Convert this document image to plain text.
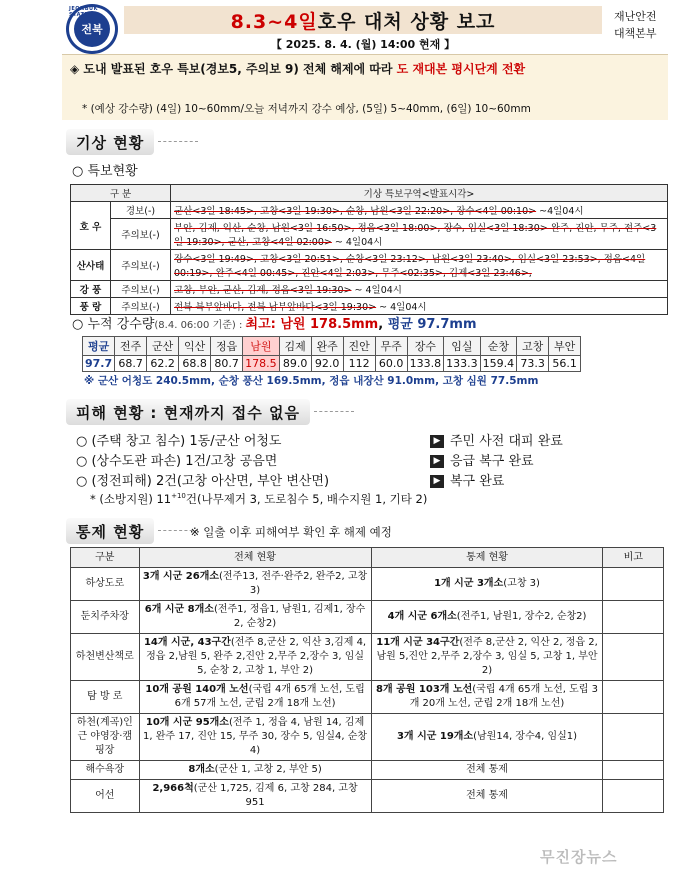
JEONBUK STATE
전북	8.3~4일 호우 대처 상황 보고
【 2025. 8. 4. (월) 14:00 현재 】
재난안전
대책본부
◈ 도내 발표된 호우 특보(경보5, 주의보 9) 전체 해제에 따라 도 재대본 평시단계 전환
* (예상 강수량) (4일) 10~60mm/오늘 저녁까지 강수 예상, (5일) 5~40mm, (6일) 10~60mm
기상 현황
○ 특보현황
구 분		기상 특보구역<발표시각>
호 우	경보(-)	군산<3일 18:45>, 고창<3일 19:30>, 순창, 남원<3일 22:20>, 장수<4일 00:10> ~4일04시
	주의보(-)	부안, 김제, 익산, 순창, 남원<3일 16:50>, 정읍<3일 18:00>, 장수, 임실<3일 18:30> 완주, 진안, 무주, 전주<3일 19:30>, 군산, 고창<4일 02:00> ~ 4일04시
산사태	주의보(-)	장수<3일 19:49>, 고창<3일 20:51>, 순창<3일 23:12>, 남원<3일 23:40>, 임실<3일 23:53>, 정읍<4일 00:19>, 완주<4일 00:45>, 진안<4일 2:03>, 무주<02:35>, 김제<3일 23:46>,
강 풍	주의보(-)	고창, 부안, 군산, 김제, 정읍<3일 19:30> ~ 4일04시
풍 랑	주의보(-)	전북 북부앞바다, 전북 남부앞바다<3일 19:30> ~ 4일04시
○ 누적 강수량(8.4. 06:00 기준) : 최고: 남원 178.5mm, 평균 97.7mm
평균	전주	군산	익산	정읍	남원	김제	완주	진안	무주	장수	임실	순창	고창	부안
97.7	68.7	62.2	68.8	80.7	178.5	89.0	92.0	112	60.0	133.8	133.3	159.4	73.3	56.1
※ 군산 어청도 240.5mm, 순창 풍산 169.5mm, 정읍 내장산 91.0mm, 고창 심원 77.5mm
피해 현황 : 현재까지 접수 없음
○ (주택 창고 침수) 1동/군산 어청도	▶ 주민 사전 대피 완료
○ (상수도관 파손) 1건/고창 공음면	▶ 응급 복구 완료
○ (정전피해) 2건(고창 아산면, 부안 변산면)	▶ 복구 완료
* (소방지원) $11^{+10}$건(나무제거 3, 도로침수 5, 배수지원 1, 기타 2)
통제 현황	※ 일출 이후 피해여부 확인 후 해제 예정
구분	전체 현황	통제 현황	비고
하상도로	3개 시군 26개소(전주13, 전주·완주2, 완주2, 고창3)	1개 시군 3개소(고창 3)	
둔치주차장	6개 시군 8개소(전주1, 정읍1, 남원1, 김제1, 장수2, 순창2)	4개 시군 6개소(전주1, 남원1, 장수2, 순창2)	
하천변산책로	14개 시군, 43구간(전주 8,군산 2, 익산 3,김제 4, 정읍 2,남원 5, 완주 2,진안 2,무주 2,장수 3, 임실 5, 순창 2, 고창 1, 부안 2)	11개 시군 34구간(전주 8,군산 2, 익산 2, 정읍 2,남원 5,진안 2,무주 2,장수 3, 임실 5, 고창 1, 부안 2)	
탐 방 로	10개 공원 140개 노선(국립 4개 65개 노선, 도립 6개 57개 노선, 군립 2개 18개 노선)	8개 공원 103개 노선(국립 4개 65개 노선, 도립 3개 20개 노선, 군립 2개 18개 노선)	
하천(계곡)인근 야영장·캠핑장	10개 시군 95개소(전주 1, 정읍 4, 남원 14, 김제 1, 완주 17, 진안 15, 무주 30, 장수 5, 임실4, 순창4)	3개 시군 19개소(남원14, 장수4, 임실1)	
해수욕장	8개소(군산 1, 고창 2, 부안 5)	전체 통제	
어선	2,966척(군산 1,725, 김제 6, 고창 284, 고창 951	전체 통제	
무진장뉴스
